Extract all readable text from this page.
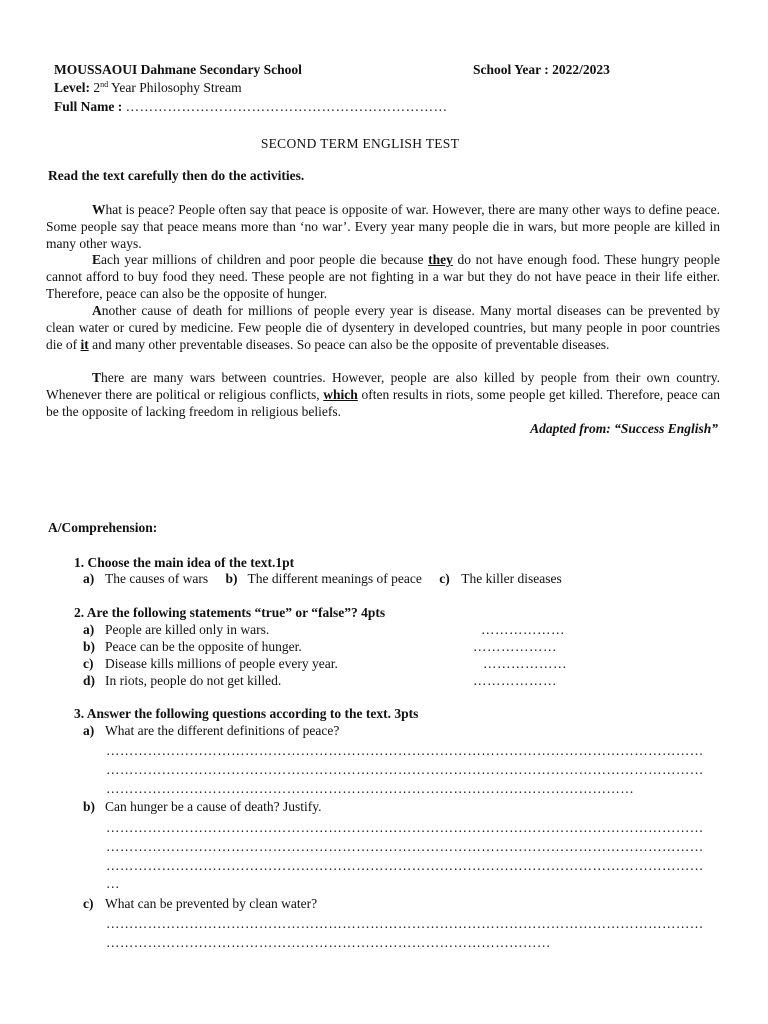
MOUSSAOUI Dahmane Secondary School	School Year : 2022/2023
Level: 2nd Year Philosophy Stream
Full Name : ……………………………………………………………
SECOND TERM ENGLISH TEST
Read the text carefully then do the activities.

What is peace? People often say that peace is opposite of war. However, there are many other ways to define peace. Some people say that peace means more than ‘no war’. Every year many people die in wars, but more people are killed in many other ways.

Each year millions of children and poor people die because they do not have enough food. These hungry people cannot afford to buy food they need. These people are not fighting in a war but they do not have peace in their life either. Therefore, peace can also be the opposite of hunger.

Another cause of death for millions of people every year is disease. Many mortal diseases can be prevented by clean water or cured by medicine. Few people die of dysentery in developed countries, but many people in poor countries die of it and many other preventable diseases. So peace can also be the opposite of preventable diseases.

There are many wars between countries. However, people are also killed by people from their own country. Whenever there are political or religious conflicts, which often results in riots, some people get killed. Therefore, peace can be the opposite of lacking freedom in religious beliefs.

Adapted from: “Success English”
A/Comprehension:
1. Choose the main idea of the text.1pt
a) The causes of wars b) The different meanings of peace c) The killer diseases
2. Are the following statements “true” or “false”? 4pts
a) People are killed only in wars.	………………
b) Peace can be the opposite of hunger.	………………
c) Disease kills millions of people every year.	………………
d) In riots, people do not get killed.	………………
3. Answer the following questions according to the text. 3pts
a) What are the different definitions of peace?
…………………………………………………………………………………………………………………
…………………………………………………………………………………………………………………
……………………………………………………………………………………………………
b) Can hunger be a cause of death? Justify.
…………………………………………………………………………………………………………………
…………………………………………………………………………………………………………………
…………………………………………………………………………………………………………………
…
c) What can be prevented by clean water?
…………………………………………………………………………………………………………………
……………………………………………………………………………………
